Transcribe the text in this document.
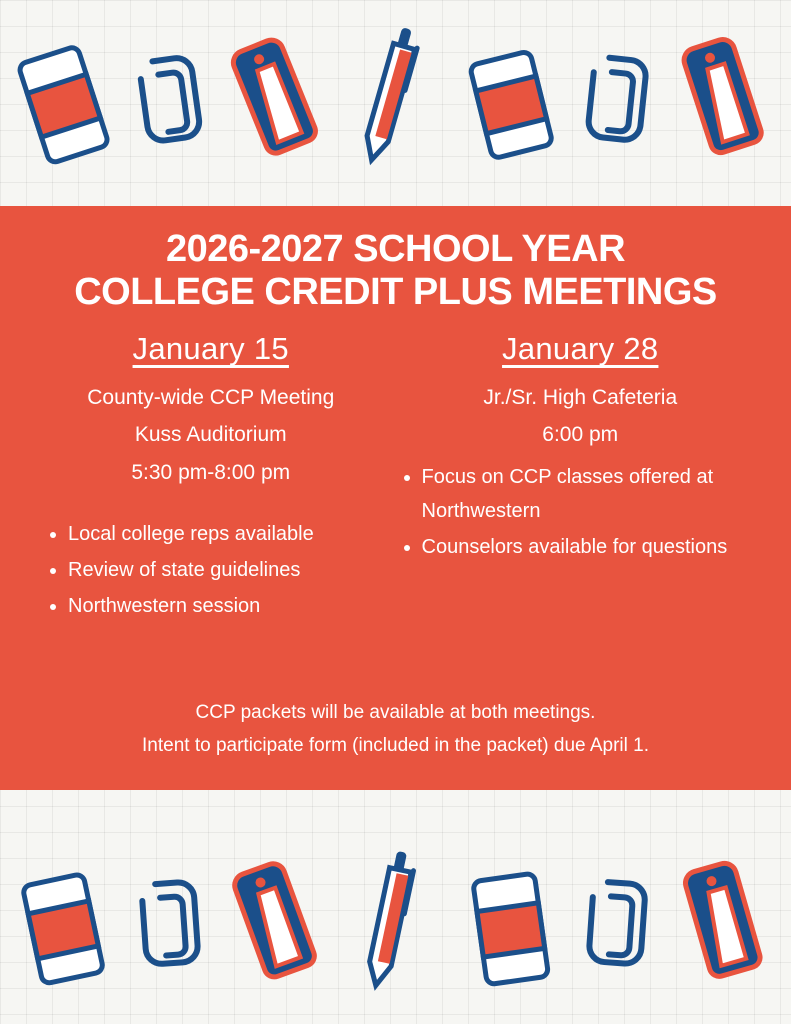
2026-2027 SCHOOL YEAR
COLLEGE CREDIT PLUS MEETINGS
January 15
County-wide CCP Meeting
Kuss Auditorium
5:30 pm-8:00 pm
• Local college reps available
• Review of state guidelines
• Northwestern session
January 28
Jr./Sr. High Cafeteria
6:00 pm
• Focus on CCP classes offered at Northwestern
• Counselors available for questions
CCP packets will be available at both meetings.
Intent to participate form (included in the packet) due April 1.
